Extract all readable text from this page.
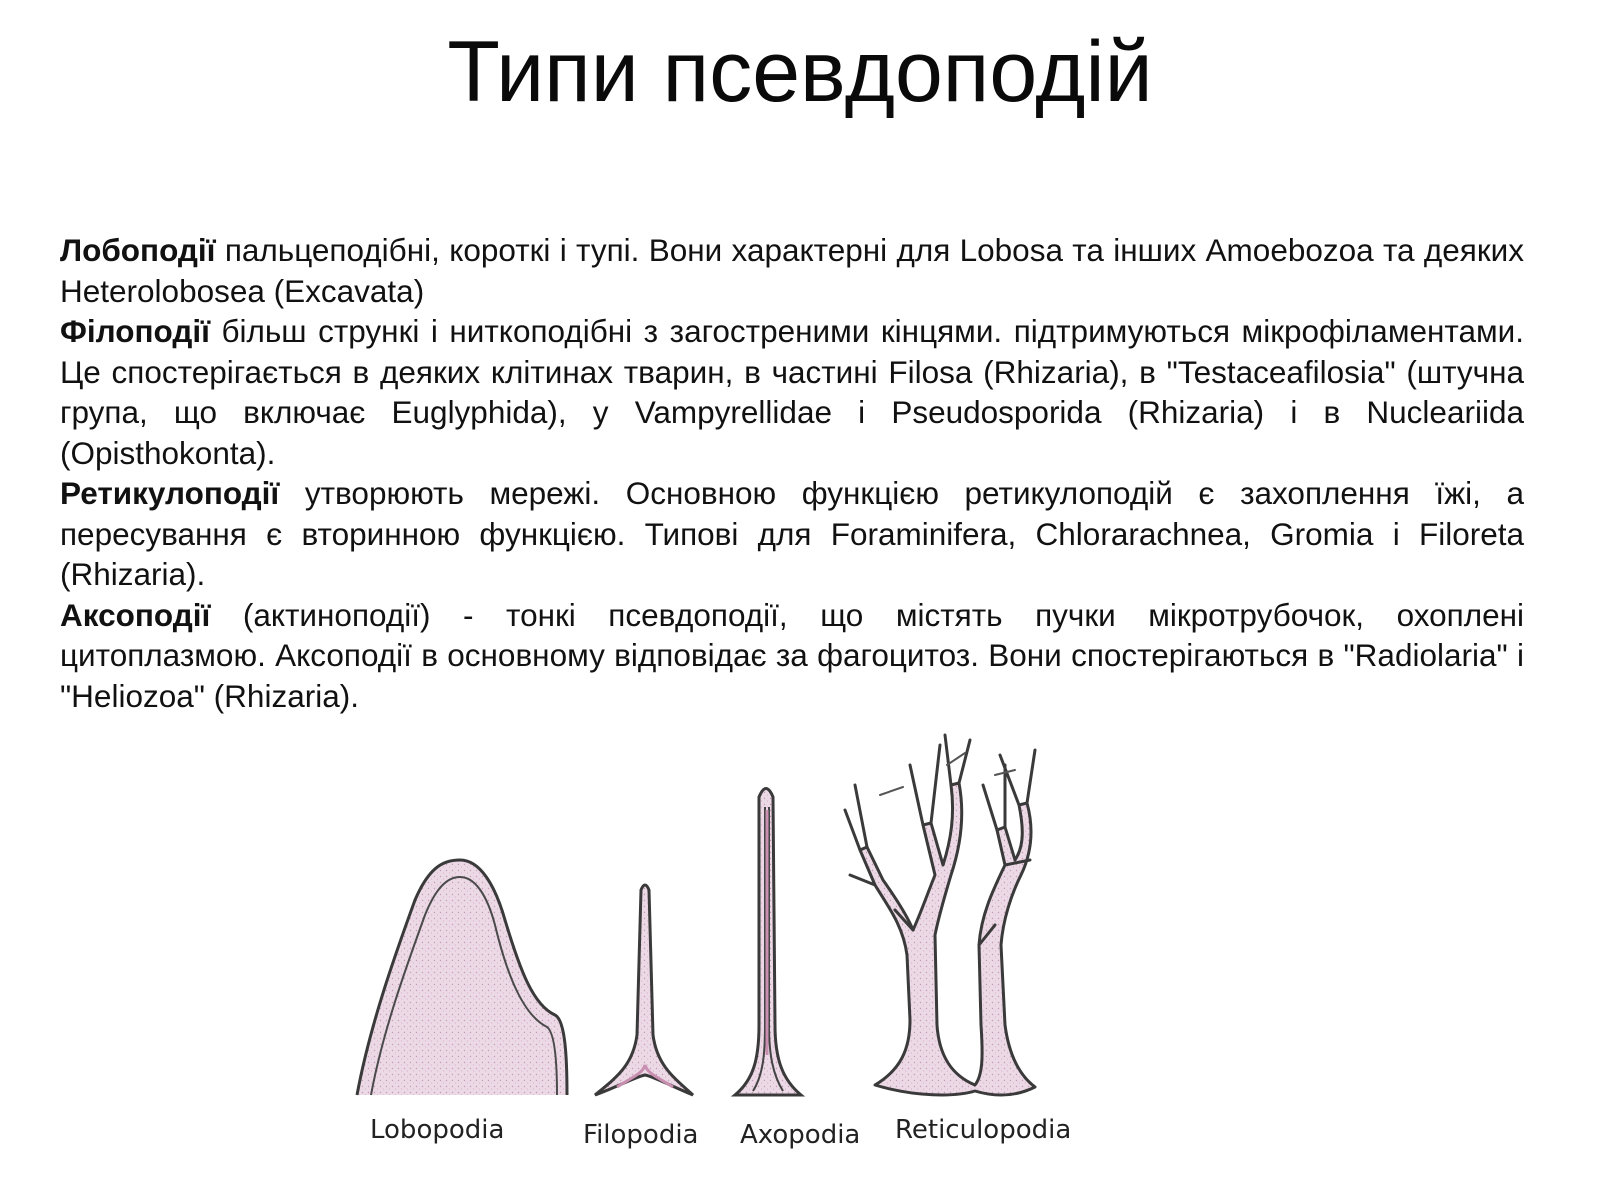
Типи псевдоподій

Лобоподії пальцеподібні, короткі і тупі. Вони характерні для Lobosa та інших Amoebozoa та деяких Heterolobosea (Excavata)

Філоподії більш стрункі і ниткоподібні з загостреними кінцями. підтримуються мікрофіламентами. Це спостерігається в деяких клітинах тварин, в частині Filosa (Rhizaria), в "Testaceafilosia" (штучна група, що включає Euglyphida), у Vampyrellidae і Pseudosporida (Rhizaria) і в Nucleariida (Opisthokonta).

Ретикулоподії утворюють мережі. Основною функцією ретикулоподій є захоплення їжі, а пересування є вторинною функцією. Типові для Foraminifera, Chlorarachnea, Gromia і Filoreta (Rhizaria).

Аксоподії (актиноподії) - тонкі псевдоподії, що містять пучки мікротрубочок, охоплені цитоплазмою. Аксоподії в основному відповідає за фагоцитоз. Вони спостерігаються в "Radiolaria" і "Heliozoa" (Rhizaria).

Lobopodia	Filopodia Axopodia Reticulopodia
